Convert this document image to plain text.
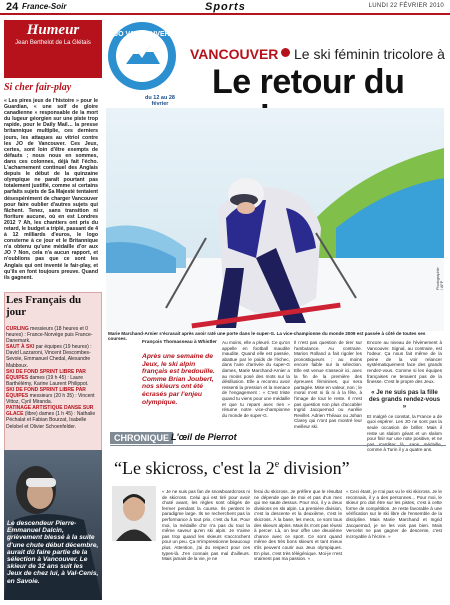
24 France-Soir	Sports	LUNDI 22 FÉVRIER 2010
Humeur
Jean Berthelot de La Glétais
Si cher fair-play
« Les pires jeux de l'histoire » pour le Guardian, « une soif de gloire canadienne » responsable de la mort du lugeur géorgien sur une piste trop rapide, pour le Daily Mail… la presse britannique multiplie, ces derniers jours, les attaques au vitriol contre les JO de Vancouver. Ces Jeux, certes, sont loin d'être exempts de défauts ; nous nous en sommes, dans ces colonnes, déjà fait l'écho. L'acharnement continuel des Anglais depuis le début de la quinzaine olympique ne paraît pourtant pas totalement justifié, comme si certains parfaits sujets de Sa Majesté tentaient désespérément de charger Vancouver pour faire oublier d'autres sujets qui fâchent. Tenez, sans transition ni fioriture aucune, où en est Londres 2012 ? Ah, les chantiers ont pris du retard, le budget a triplé, passant de 4 à 12 milliards d'euros, le logo consterne à ce jour et le Britannique n'a obtenu qu'une médaille d'or aux JO ? Non, cela n'a aucun rapport, et n'oublions pas que ce sont les Anglais qui ont inventé le fair-play, et qu'ils en font toujours preuve. Quand ils gagnent.
Les Français du jour
CURLING messieurs (18 heures et 0 heures) : France-Norvège puis France-Danemark.
SAUT À SKI par équipes (19 heures) : David Lazzaroni, Vincent Descombes-Sevoie, Emmanuel Chedal, Alexandre Mabboux.
SKI DE FOND SPRINT LIBRE PAR ÉQUIPES dames (19 h 45) : Laure Barthélémy, Karine Laurent Philippot.
SKI DE FOND SPRINT LIBRE PAR ÉQUIPES messieurs (20 h 35) : Vincent Vittoz, Cyril Miranda.
PATINAGE ARTISTIQUE DANSE SUR GLACE (libre) dames (1 h 45) : Nathalie Péchalat et Fabian Bourzat, Isabelle Delobel et Olivier Schoenfelder.
Le descendeur Pierre-Emmanuel Dalcin, grièvement blessé à la suite d'une chute début décembre, aurait dû faire partie de la sélection à Vancouver. Le skieur de 32 ans suit les Jeux de chez lui, à Val-Cenis, en Savoie.
JO VANCOUVER
du 12 au 28 février
VANCOUVER Le ski féminin tricolore à
Le retour du
Photographie / AFP
Marie Marchand-Arnier s'écrasait après avoir raté une porte dans le super-G. La vice-championne du monde 2009 est passée à côté de toutes ses courses.
François Thomasseau à Whistler
Après une semaine de Jeux, le ski alpin français est bredouille. Comme Brian Joubert, nos skieurs ont été écrasés par l'enjeu olympique.
Au moins, elle a pleuré. Ce qu'on appelle en football maudite maudite. Quand elle est passée, abattue par le poids de l'échec, dans l'aire d'arrivée du super-G dames, Marie Marchand-Arnier a au moins posé des mots sur la désillusion. Elle a reconnu avoir ressenti la pression et la menace de l'engagement : « C'est triste quand tu viens pour une médaille et que tu repars avec rien » résume notre vice-championne du monde de super-G.
Il n'est pas question de tirer sur l'ambulance. Au contraire. Marion Rolland a fait rigoler les pronostiqueurs ; au moins encore faible sur la sélection. Elle est venue s'asseoir ici, avec la fin de la première des épreuves féminines, qui sera partagée. Mise en valeur, non ; le moral n'est ni là ni à la fête, à l'image de tout le reste. Il n'est pas question non plus d'accabler Ingrid Jacquemod ou Aurélie Revillet. Adrien Théaux ou Johan Clarey qui n'ont pas montré leur meilleur ski.
Encore au niveau de l'évènement à Vancouver. Signal, au contraire, est l'odeur. Ça nous fait même de la peine de la voir relancer systématiquement face des grands rendez-vous. Comme si les équipes françaises ne tenaient pas de la finesse. C'est le propre des Jeux.
« Je ne suis pas la fille des grands rendez-vous »
Et malgré ce constat, la France a de quoi espérer. Les JO ne sont pas la seule occasion de briller. Mais il reste un slalom géant et un slalom pour finir sur une note positive, et ne comme à Turin il y a quatre ans.
CHRONIQUE L'œil de Pierrot
“Le skicross, c'est la 2e division”
« Je ne suis pas fan de snowboardcross ni de skicross. Celui qui est tiré pour avoir chuté avant, les règles sont obligés de fermer pendant la course. Ils perdent le paradigme large. Ils ne recherchent pas la performance à tout prix, c'est du fun. Pour moi, la médaille d'or n'a pas du tout la même saveur qu'en ski alpin. Je n'aime pas trop quand les skieurs s'accrochent pour un peu. Ça m'impressionne beaucoup plus. Attention, j'ai du respect pour ces types-là. J'en connais pas mal d'ailleurs. Mais jamais de la vie, je ne
ferai du skicross. Je préfère que le résultat ne dépende que de moi et pas d'un mec qui me saute dessus. Pour moi, il y a deux divisions en ski alpin. La première division, c'est la descente et la deuxième, c'est le skicross. À la base, les mecs, ce sont tous des skieurs alpins. Mais ils n'ont pas réussi à percer. Là, on leur offre une deuxième chance avec ce sport. Ce sont quand même des très bons skieurs et tant mieux s'ils peuvent courir aux Jeux olympiques. En plus, c'est très télégénique. Moi-je n'est vraiment pas ma passion. »
« Ceci étant, je n'ai pas vu le ski skicross. Je le reconnais, il y a des personnes... Pour moi, le skieur pro doit être sur les pistes, c'est à cette forme de compétition. Je reste favorable à une vérification sur le ski libre de l'ensemble de la discipline. Mais Marie Marchand et Ingrid Jacquemod, je ne les vois pas bien. Mais Vercelot ne pas gagner de descente, c'est incroyable à l'écrire. »
